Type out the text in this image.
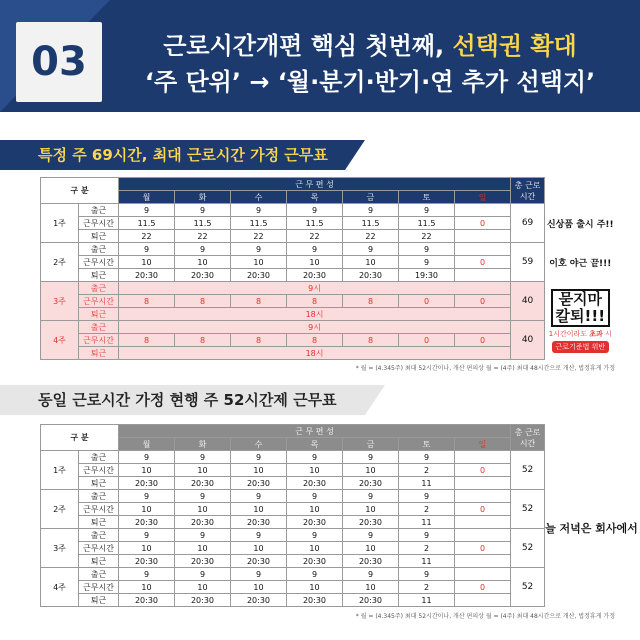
03	근로시간개편 핵심 첫번째, 선택권 확대
‘주 단위’ → ‘월·분기·반기·연 추가 선택지’
특정 주 69시간, 최대 근로시간 가정 근무표
구 분		근 무 편 성							총 근로시간	
		월	화	수	목	금	토	일		
1주	출근	9	9	9	9	9	9		69	신상품 출시 주!!
	근무시간	11.5	11.5	11.5	11.5	11.5	11.5	0		
	퇴근	22	22	22	22	22	22			
2주	출근	9	9	9	9	9	9		59	이호 야근 끝!!!
	근무시간	10	10	10	10	10	9	0		
	퇴근	20:30	20:30	20:30	20:30	20:30	19:30			
3주	출근	9시							40	묻지마
칼퇴!!!
1시간이라도 초과 시
근로기준법 위반
	근무시간	8	8	8	8	8	0	0		
	퇴근	18시								
4주	출근	9시							40	
	근무시간	8	8	8	8	8	0	0		
	퇴근	18시								
* 월 = (4.345주) 최대 52시간이나, 개산 편의상 월 = (4주) 최대 48시간으로 개산, 법정휴게 가정
동일 근로시간 가정 현행 주 52시간제 근무표
구 분		근 무 편 성							총 근로시간	
		월	화	수	목	금	토	일		
1주	출근	9	9	9	9	9	9		52	늘 저녁은 회사에서
	근무시간	10	10	10	10	10	2	0		
	퇴근	20:30	20:30	20:30	20:30	20:30	11			
2주	출근	9	9	9	9	9	9		52	
	근무시간	10	10	10	10	10	2	0		
	퇴근	20:30	20:30	20:30	20:30	20:30	11			
3주	출근	9	9	9	9	9	9		52	
	근무시간	10	10	10	10	10	2	0		
	퇴근	20:30	20:30	20:30	20:30	20:30	11			
4주	출근	9	9	9	9	9	9		52	
	근무시간	10	10	10	10	10	2	0		
	퇴근	20:30	20:30	20:30	20:30	20:30	11			
* 월 = (4.345주) 최대 52시간이나, 개산 편의상 월 = (4주) 최대 48시간으로 개산, 법정휴게 가정
